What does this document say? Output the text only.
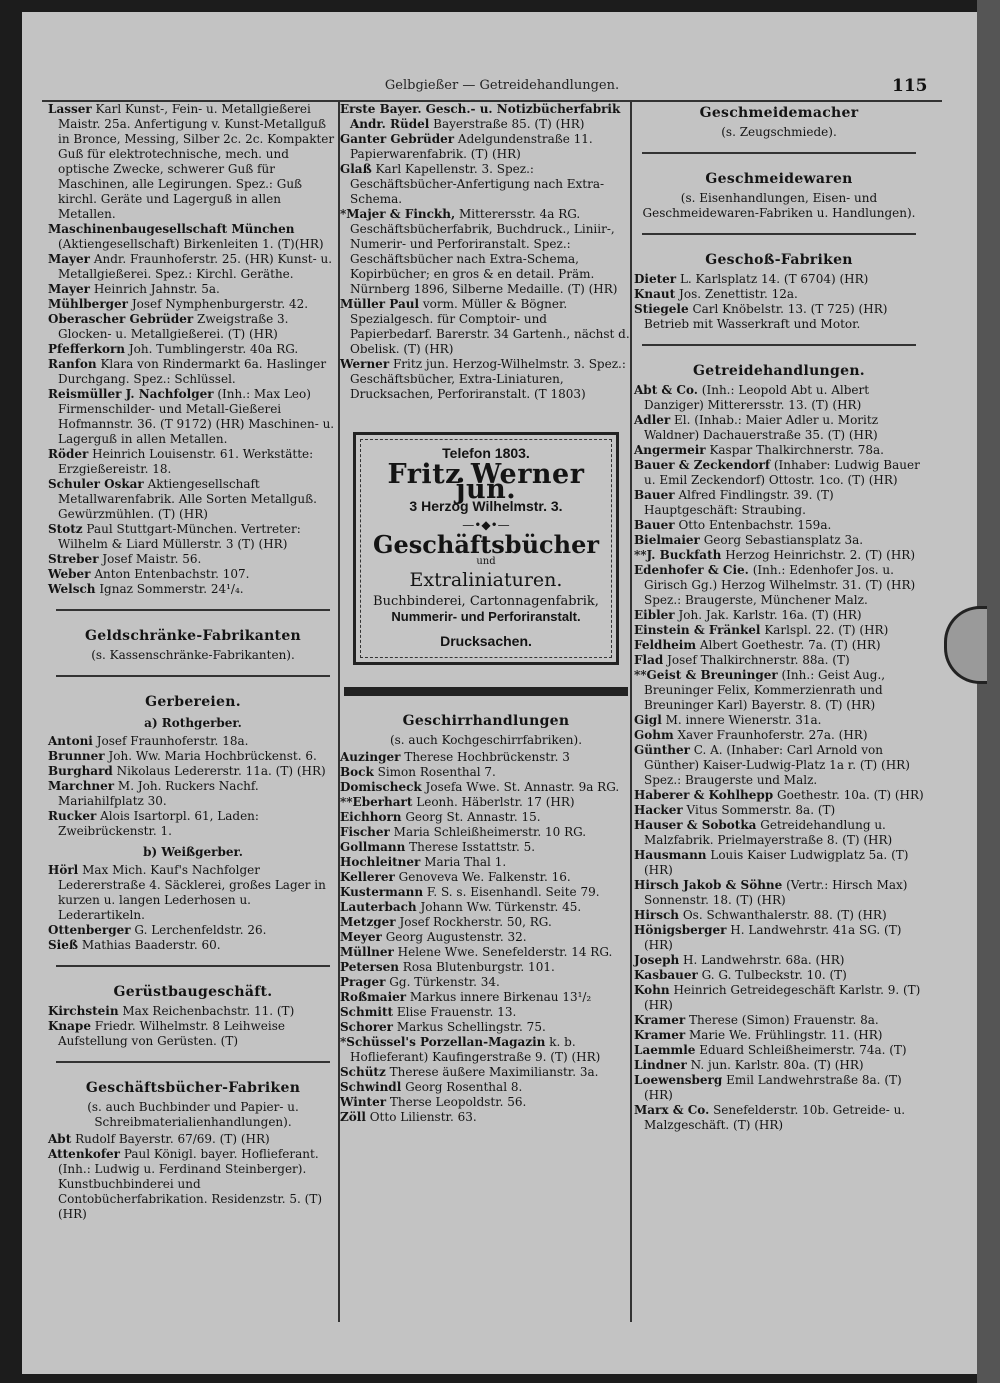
Gelbgießer — Getreidehandlungen.	115

Lasser Karl Kunst-, Fein- u. Metallgießerei Maistr. 25a. Anfertigung v. Kunst-Metallguß in Bronce, Messing, Silber 2c. 2c. Kompakter Guß für elektrotechnische, mech. und optische Zwecke, schwerer Guß für Maschinen, alle Legirungen. Spez.: Guß kirchl. Geräte und Lagerguß in allen Metallen.

Maschinenbaugesellschaft München (Aktiengesellschaft) Birkenleiten 1. (T)(HR)

Mayer Andr. Fraunhoferstr. 25. (HR) Kunst- u. Metallgießerei. Spez.: Kirchl. Geräthe.

Mayer Heinrich Jahnstr. 5a.

Mühlberger Josef Nymphenburgerstr. 42.

Oberascher Gebrüder Zweigstraße 3. Glocken- u. Metallgießerei. (T) (HR)

Pfefferkorn Joh. Tumblingerstr. 40a RG.

Ranfon Klara von Rindermarkt 6a. Haslinger Durchgang. Spez.: Schlüssel.

Reismüller J. Nachfolger (Inh.: Max Leo) Firmenschilder- und Metall-Gießerei Hofmannstr. 36. (T 9172) (HR) Maschinen- u. Lagerguß in allen Metallen.

Röder Heinrich Louisenstr. 61. Werkstätte: Erzgießereistr. 18.

Schuler Oskar Aktiengesellschaft Metallwarenfabrik. Alle Sorten Metallguß. Gewürzmühlen. (T) (HR)

Stotz Paul Stuttgart-München. Vertreter: Wilhelm & Liard Müllerstr. 3 (T) (HR)

Streber Josef Maistr. 56.

Weber Anton Entenbachstr. 107.

Welsch Ignaz Sommerstr. 24¹/₄.

Geldschränke-Fabrikanten
(s. Kassenschränke-Fabrikanten).
Gerbereien.
a) Rothgerber.

Antoni Josef Fraunhoferstr. 18a.

Brunner Joh. Ww. Maria Hochbrückenst. 6.

Burghard Nikolaus Ledererstr. 11a. (T) (HR)

Marchner M. Joh. Ruckers Nachf. Mariahilfplatz 30.

Rucker Alois Isartorpl. 61, Laden: Zweibrückenstr. 1.

b) Weißgerber.

Hörl Max Mich. Kauf's Nachfolger Ledererstraße 4. Säcklerei, großes Lager in kurzen u. langen Lederhosen u. Lederartikeln.

Ottenberger G. Lerchenfeldstr. 26.

Sieß Mathias Baaderstr. 60.

Gerüstbaugeschäft.

Kirchstein Max Reichenbachstr. 11. (T)

Knape Friedr. Wilhelmstr. 8 Leihweise Aufstellung von Gerüsten. (T)

Geschäftsbücher-Fabriken
(s. auch Buchbinder und Papier- u. Schreibmaterialienhandlungen).

Abt Rudolf Bayerstr. 67/69. (T) (HR)

Attenkofer Paul Königl. bayer. Hoflieferant. (Inh.: Ludwig u. Ferdinand Steinberger). Kunstbuchbinderei und Contobücherfabrikation. Residenzstr. 5. (T) (HR)

Erste Bayer. Gesch.- u. Notizbücherfabrik Andr. Rüdel Bayerstraße 85. (T) (HR)

Ganter Gebrüder Adelgundenstraße 11. Papierwarenfabrik. (T) (HR)

Glaß Karl Kapellenstr. 3. Spez.: Geschäftsbücher-Anfertigung nach Extra-Schema.

*Majer & Finckh, Mitterersstr. 4a RG. Geschäftsbücherfabrik, Buchdruck., Liniir-, Numerir- und Perforiranstalt. Spez.: Geschäftsbücher nach Extra-Schema, Kopirbücher; en gros & en detail. Präm. Nürnberg 1896, Silberne Medaille. (T) (HR)

Müller Paul vorm. Müller & Bögner. Spezialgesch. für Comptoir- und Papierbedarf. Barerstr. 34 Gartenh., nächst d. Obelisk. (T) (HR)

Werner Fritz jun. Herzog-Wilhelmstr. 3. Spez.: Geschäftsbücher, Extra-Liniaturen, Drucksachen, Perforiranstalt. (T 1803)

Telefon 1803.
Fritz Werner jun.
3 Herzog Wilhelmstr. 3.
—•◆•—
Geschäftsbücher
und
Extraliniaturen.
Buchbinderei, Cartonnagenfabrik,
Nummerir- und Perforiranstalt.
Drucksachen.
Geschirrhandlungen
(s. auch Kochgeschirrfabriken).

Auzinger Therese Hochbrückenstr. 3

Bock Simon Rosenthal 7.

Domischeck Josefa Wwe. St. Annastr. 9a RG.

**Eberhart Leonh. Häberlstr. 17 (HR)

Eichhorn Georg St. Annastr. 15.

Fischer Maria Schleißheimerstr. 10 RG.

Gollmann Therese Isstattstr. 5.

Hochleitner Maria Thal 1.

Kellerer Genoveva We. Falkenstr. 16.

Kustermann F. S. s. Eisenhandl. Seite 79.

Lauterbach Johann Ww. Türkenstr. 45.

Metzger Josef Rockherstr. 50, RG.

Meyer Georg Augustenstr. 32.

Müllner Helene Wwe. Senefelderstr. 14 RG.

Petersen Rosa Blutenburgstr. 101.

Prager Gg. Türkenstr. 34.

Roßmaier Markus innere Birkenau 13¹/₂

Schmitt Elise Frauenstr. 13.

Schorer Markus Schellingstr. 75.

*Schüssel's Porzellan-Magazin k. b. Hoflieferant) Kaufingerstraße 9. (T) (HR)

Schütz Therese äußere Maximilianstr. 3a.

Schwindl Georg Rosenthal 8.

Winter Therse Leopoldstr. 56.

Zöll Otto Lilienstr. 63.

Geschmeidemacher
(s. Zeugschmiede).
Geschmeidewaren
(s. Eisenhandlungen, Eisen- und Geschmeidewaren-Fabriken u. Handlungen).
Geschoß-Fabriken

Dieter L. Karlsplatz 14. (T 6704) (HR)

Knaut Jos. Zenettistr. 12a.

Stiegele Carl Knöbelstr. 13. (T 725) (HR) Betrieb mit Wasserkraft und Motor.

Getreidehandlungen.

Abt & Co. (Inh.: Leopold Abt u. Albert Danziger) Mitterersstr. 13. (T) (HR)

Adler El. (Inhab.: Maier Adler u. Moritz Waldner) Dachauerstraße 35. (T) (HR)

Angermeir Kaspar Thalkirchnerstr. 78a.

Bauer & Zeckendorf (Inhaber: Ludwig Bauer u. Emil Zeckendorf) Ottostr. 1co. (T) (HR)

Bauer Alfred Findlingstr. 39. (T) Hauptgeschäft: Straubing.

Bauer Otto Entenbachstr. 159a.

Bielmaier Georg Sebastiansplatz 3a.

**J. Buckfath Herzog Heinrichstr. 2. (T) (HR)

Edenhofer & Cie. (Inh.: Edenhofer Jos. u. Girisch Gg.) Herzog Wilhelmstr. 31. (T) (HR) Spez.: Braugerste, Münchener Malz.

Eibler Joh. Jak. Karlstr. 16a. (T) (HR)

Einstein & Fränkel Karlspl. 22. (T) (HR)

Feldheim Albert Goethestr. 7a. (T) (HR)

Flad Josef Thalkirchnerstr. 88a. (T)

**Geist & Breuninger (Inh.: Geist Aug., Breuninger Felix, Kommerzienrath und Breuninger Karl) Bayerstr. 8. (T) (HR)

Gigl M. innere Wienerstr. 31a.

Gohm Xaver Fraunhoferstr. 27a. (HR)

Günther C. A. (Inhaber: Carl Arnold von Günther) Kaiser-Ludwig-Platz 1a r. (T) (HR) Spez.: Braugerste und Malz.

Haberer & Kohlhepp Goethestr. 10a. (T) (HR)

Hacker Vitus Sommerstr. 8a. (T)

Hauser & Sobotka Getreidehandlung u. Malzfabrik. Prielmayerstraße 8. (T) (HR)

Hausmann Louis Kaiser Ludwigplatz 5a. (T) (HR)

Hirsch Jakob & Söhne (Vertr.: Hirsch Max) Sonnenstr. 18. (T) (HR)

Hirsch Os. Schwanthalerstr. 88. (T) (HR)

Hönigsberger H. Landwehrstr. 41a SG. (T) (HR)

Joseph H. Landwehrstr. 68a. (HR)

Kasbauer G. G. Tulbeckstr. 10. (T)

Kohn Heinrich Getreidegeschäft Karlstr. 9. (T) (HR)

Kramer Therese (Simon) Frauenstr. 8a.

Kramer Marie We. Frühlingstr. 11. (HR)

Laemmle Eduard Schleißheimerstr. 74a. (T)

Lindner N. jun. Karlstr. 80a. (T) (HR)

Loewensberg Emil Landwehrstraße 8a. (T) (HR)

Marx & Co. Senefelderstr. 10b. Getreide- u. Malzgeschäft. (T) (HR)
